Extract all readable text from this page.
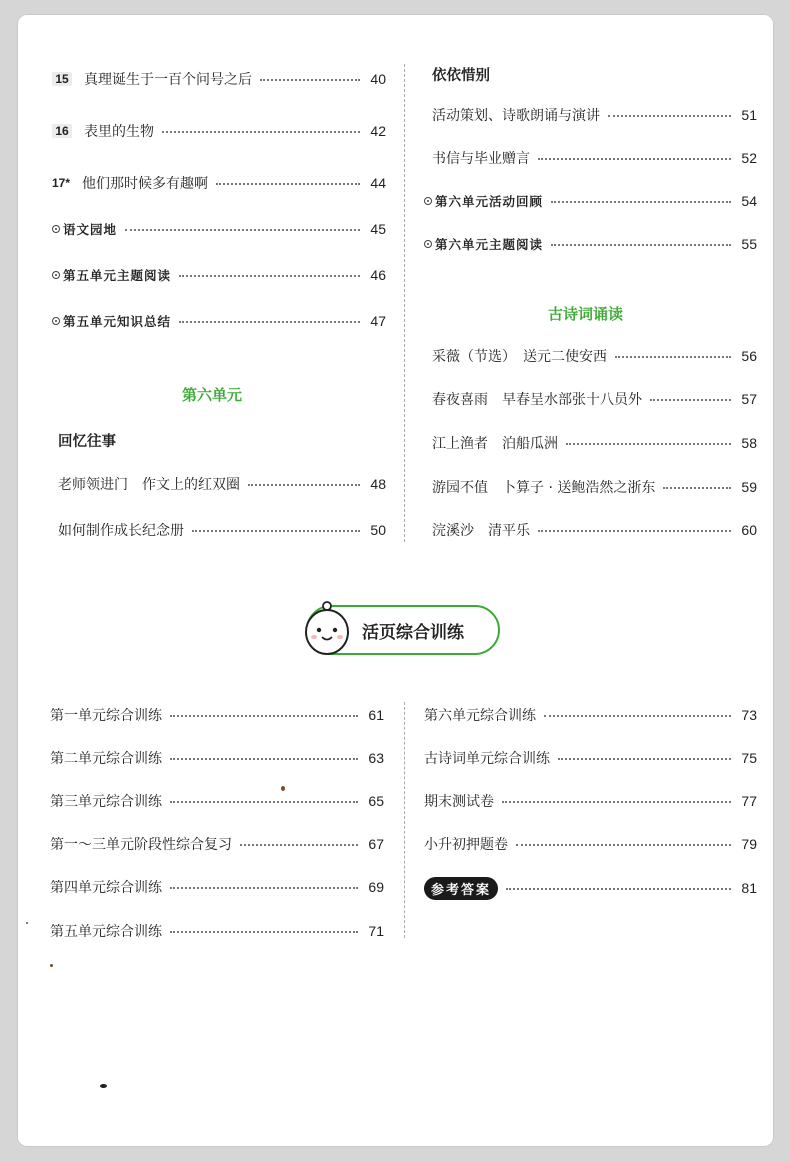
15 真理诞生于一百个问号之后	40
16 表里的生物	42
17* 他们那时候多有趣啊	44
语文园地	45
第五单元主题阅读	46
第五单元知识总结	47
第六单元
回忆往事
老师领进门　作文上的红双圈	48
如何制作成长纪念册	50
依依惜别
活动策划、诗歌朗诵与演讲	51
书信与毕业赠言	52
第六单元活动回顾	54
第六单元主题阅读	55
古诗词诵读
采薇（节选）　送元二使安西	56
春夜喜雨　早春呈水部张十八员外	57
江上渔者　泊船瓜洲	58
游园不值　卜算子 · 送鲍浩然之浙东	59
浣溪沙　清平乐	60
活页综合训练
第一单元综合训练	61
第二单元综合训练	63
第三单元综合训练	65
第一～三单元阶段性综合复习	67
第四单元综合训练	69
第五单元综合训练	71
第六单元综合训练	73
古诗词单元综合训练	75
期末测试卷	77
小升初押题卷	79
参考答案	81
